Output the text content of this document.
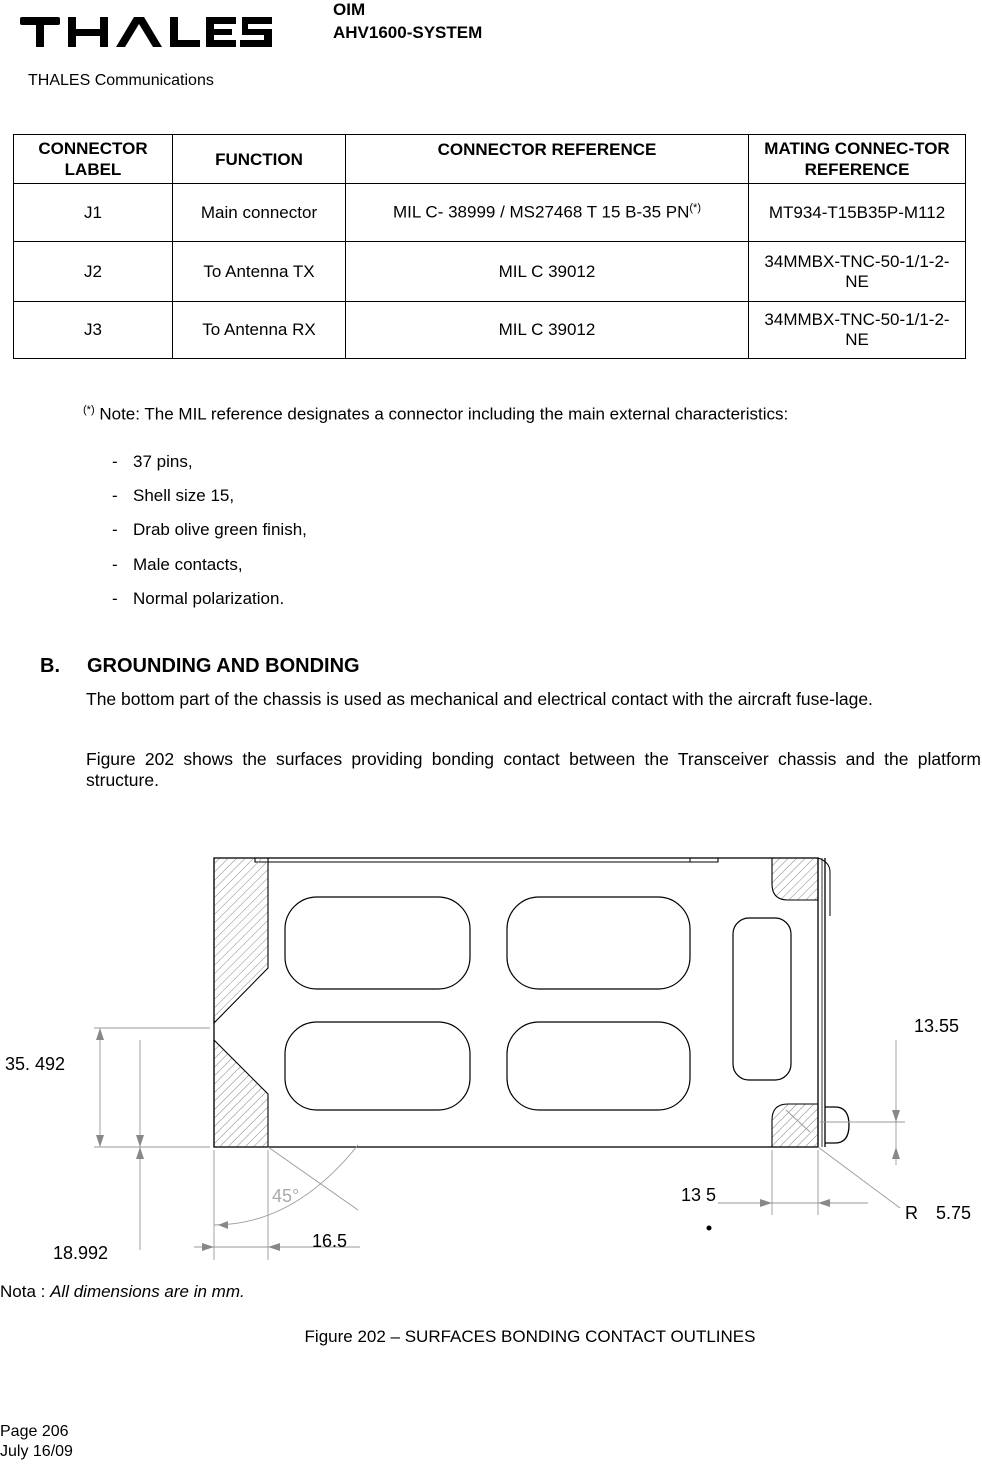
THALES
THALES Communications
OIM
AHV1600-SYSTEM
CONNECTOR LABEL	FUNCTION	CONNECTOR REFERENCE	MATING CONNEC-TOR REFERENCE
J1	Main connector	MIL C- 38999 / MS27468 T 15 B-35 PN(*)	MT934-T15B35P-M112
J2	To Antenna TX	MIL C 39012	34MMBX-TNC-50-1/1-2-NE
J3	To Antenna RX	MIL C 39012	34MMBX-TNC-50-1/1-2-NE
(*) Note: The MIL reference designates a connector including the main external characteristics:
- 37 pins,
- Shell size 15,
- Drab olive green finish,
- Male contacts,
- Normal polarization.
B. GROUNDING AND BONDING
The bottom part of the chassis is used as mechanical and electrical contact with the aircraft fuse-lage.
Figure 202 shows the surfaces providing bonding contact between the Transceiver chassis and the platform structure.
35. 492
18.992
16.5
45°	13 5
13.55
R 5.75
Nota : All dimensions are in mm.
Figure 202 – SURFACES BONDING CONTACT OUTLINES
Page 206
July 16/09
